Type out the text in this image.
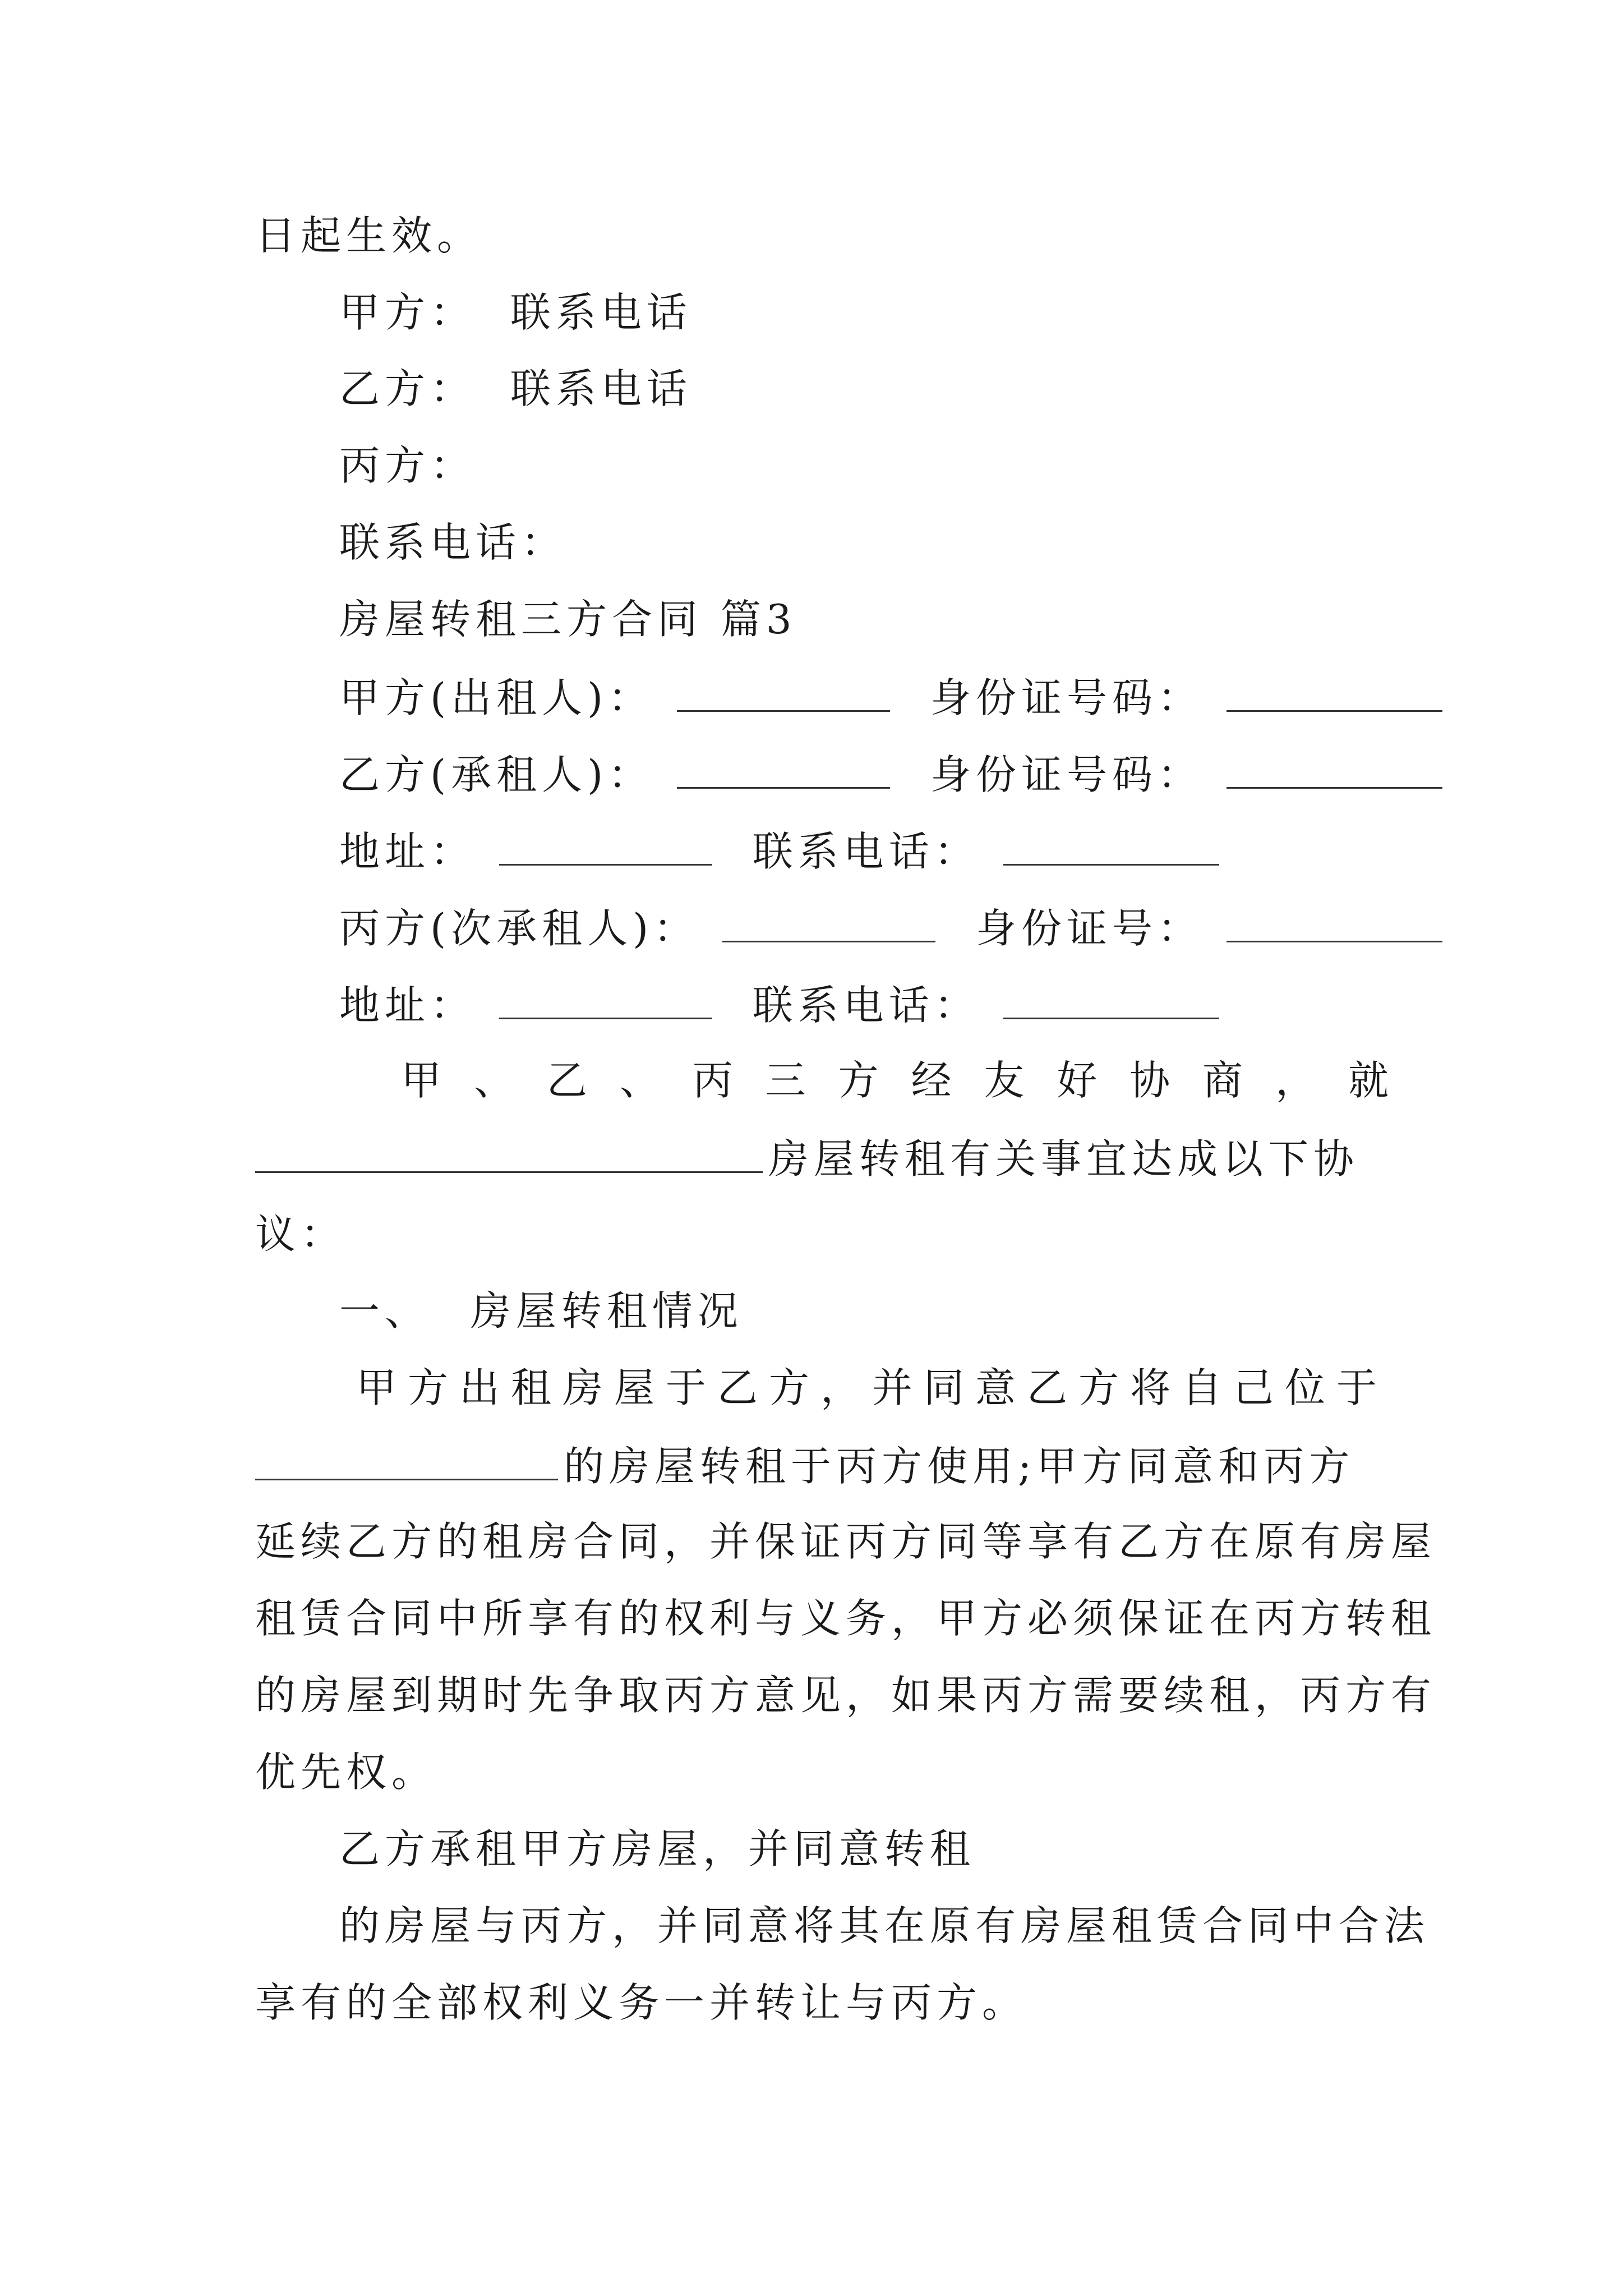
日起生效。
甲方： 联系电话
乙方： 联系电话
丙方：
联系电话：
房屋转租三方合同 篇3
甲方(出租人)：	身份证号码：
乙方(承租人)：	身份证号码：
地址：	联系电话：
丙方(次承租人)：	身份证号：
地址：	联系电话：
甲 、 乙 、 丙 三 方 经 友 好 协 商 ， 就
房屋转租有关事宜达成以下协
议：
一、 房屋转租情况
甲方出租房屋于乙方，并同意乙方将自己位于
的房屋转租于丙方使用;甲方同意和丙方
延续乙方的租房合同，并保证丙方同等享有乙方在原有房屋
租赁合同中所享有的权利与义务，甲方必须保证在丙方转租
的房屋到期时先争取丙方意见，如果丙方需要续租，丙方有
优先权。
乙方承租甲方房屋，并同意转租
的房屋与丙方，并同意将其在原有房屋租赁合同中合法
享有的全部权利义务一并转让与丙方。
